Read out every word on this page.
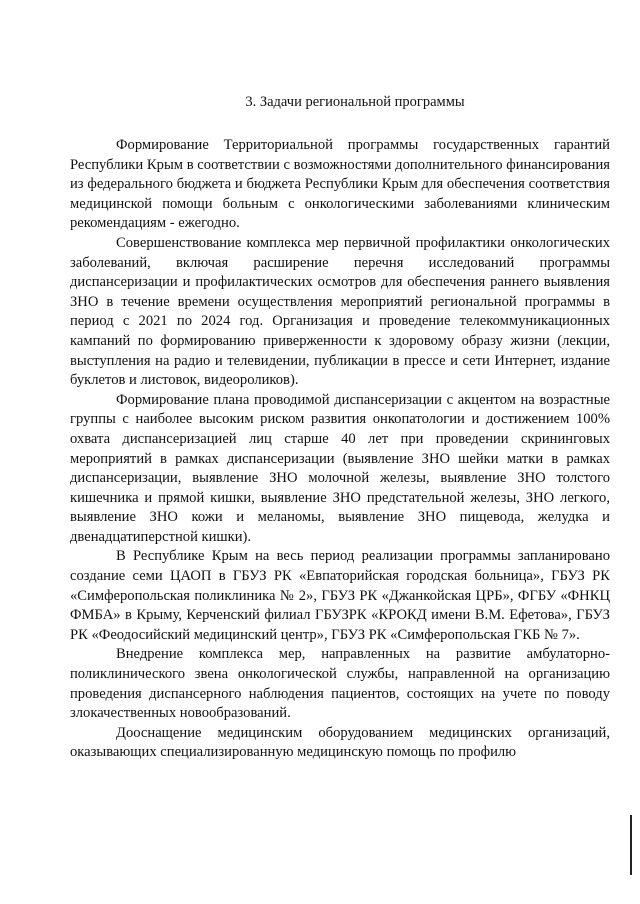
3. Задачи региональной программы

Формирование Территориальной программы государственных гарантий Республики Крым в соответствии с возможностями дополнительного финансирования из федерального бюджета и бюджета Республики Крым для обеспечения соответствия медицинской помощи больным с онкологическими заболеваниями клиническим рекомендациям - ежегодно.

Совершенствование комплекса мер первичной профилактики онкологических заболеваний, включая расширение перечня исследований программы диспансеризации и профилактических осмотров для обеспечения раннего выявления ЗНО в течение времени осуществления мероприятий региональной программы в период с 2021 по 2024 год. Организация и проведение телекоммуникационных кампаний по формированию приверженности к здоровому образу жизни (лекции, выступления на радио и телевидении, публикации в прессе и сети Интернет, издание буклетов и листовок, видеороликов).

Формирование плана проводимой диспансеризации с акцентом на возрастные группы с наиболее высоким риском развития онкопатологии и достижением 100% охвата диспансеризацией лиц старше 40 лет при проведении скрининговых мероприятий в рамках диспансеризации (выявление ЗНО шейки матки в рамках диспансеризации, выявление ЗНО молочной железы, выявление ЗНО толстого кишечника и прямой кишки, выявление ЗНО предстательной железы, ЗНО легкого, выявление ЗНО кожи и меланомы, выявление ЗНО пищевода, желудка и двенадцатиперстной кишки).

В Республике Крым на весь период реализации программы запланировано создание семи ЦАОП в ГБУЗ РК «Евпаторийская городская больница», ГБУЗ РК «Симферопольская поликлиника № 2», ГБУЗ РК «Джанкойская ЦРБ», ФГБУ «ФНКЦ ФМБА» в Крыму, Керченский филиал ГБУЗРК «КРОКД имени В.М. Ефетова», ГБУЗ РК «Феодосийский медицинский центр», ГБУЗ РК «Симферопольская ГКБ № 7».

Внедрение комплекса мер, направленных на развитие амбулаторно-поликлинического звена онкологической службы, направленной на организацию проведения диспансерного наблюдения пациентов, состоящих на учете по поводу злокачественных новообразований.

Дооснащение медицинским оборудованием медицинских организаций, оказывающих специализированную медицинскую помощь по профилю
